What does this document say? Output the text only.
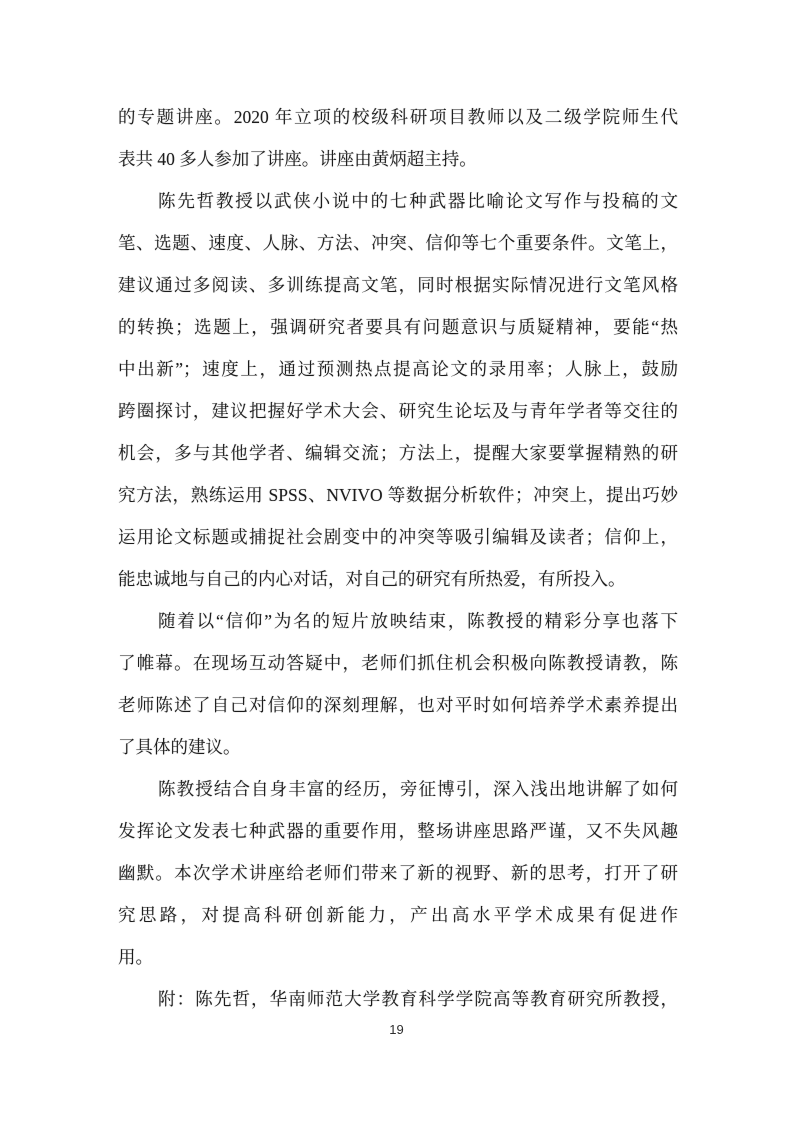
的专题讲座。2020 年立项的校级科研项目教师以及二级学院师生代
表共 40 多人参加了讲座。讲座由黄炳超主持。
陈先哲教授以武侠小说中的七种武器比喻论文写作与投稿的文
笔、选题、速度、人脉、方法、冲突、信仰等七个重要条件。文笔上，
建议通过多阅读、多训练提高文笔，同时根据实际情况进行文笔风格
的转换；选题上，强调研究者要具有问题意识与质疑精神，要能“热
中出新”；速度上，通过预测热点提高论文的录用率；人脉上，鼓励
跨圈探讨，建议把握好学术大会、研究生论坛及与青年学者等交往的
机会，多与其他学者、编辑交流；方法上，提醒大家要掌握精熟的研
究方法，熟练运用 SPSS、NVIVO 等数据分析软件；冲突上，提出巧妙
运用论文标题或捕捉社会剧变中的冲突等吸引编辑及读者；信仰上，
能忠诚地与自己的内心对话，对自己的研究有所热爱，有所投入。
随着以“信仰”为名的短片放映结束，陈教授的精彩分享也落下
了帷幕。在现场互动答疑中，老师们抓住机会积极向陈教授请教，陈
老师陈述了自己对信仰的深刻理解，也对平时如何培养学术素养提出
了具体的建议。
陈教授结合自身丰富的经历，旁征博引，深入浅出地讲解了如何
发挥论文发表七种武器的重要作用，整场讲座思路严谨，又不失风趣
幽默。本次学术讲座给老师们带来了新的视野、新的思考，打开了研
究思路，对提高科研创新能力，产出高水平学术成果有促进作
用。
附：陈先哲，华南师范大学教育科学学院高等教育研究所教授，
19
